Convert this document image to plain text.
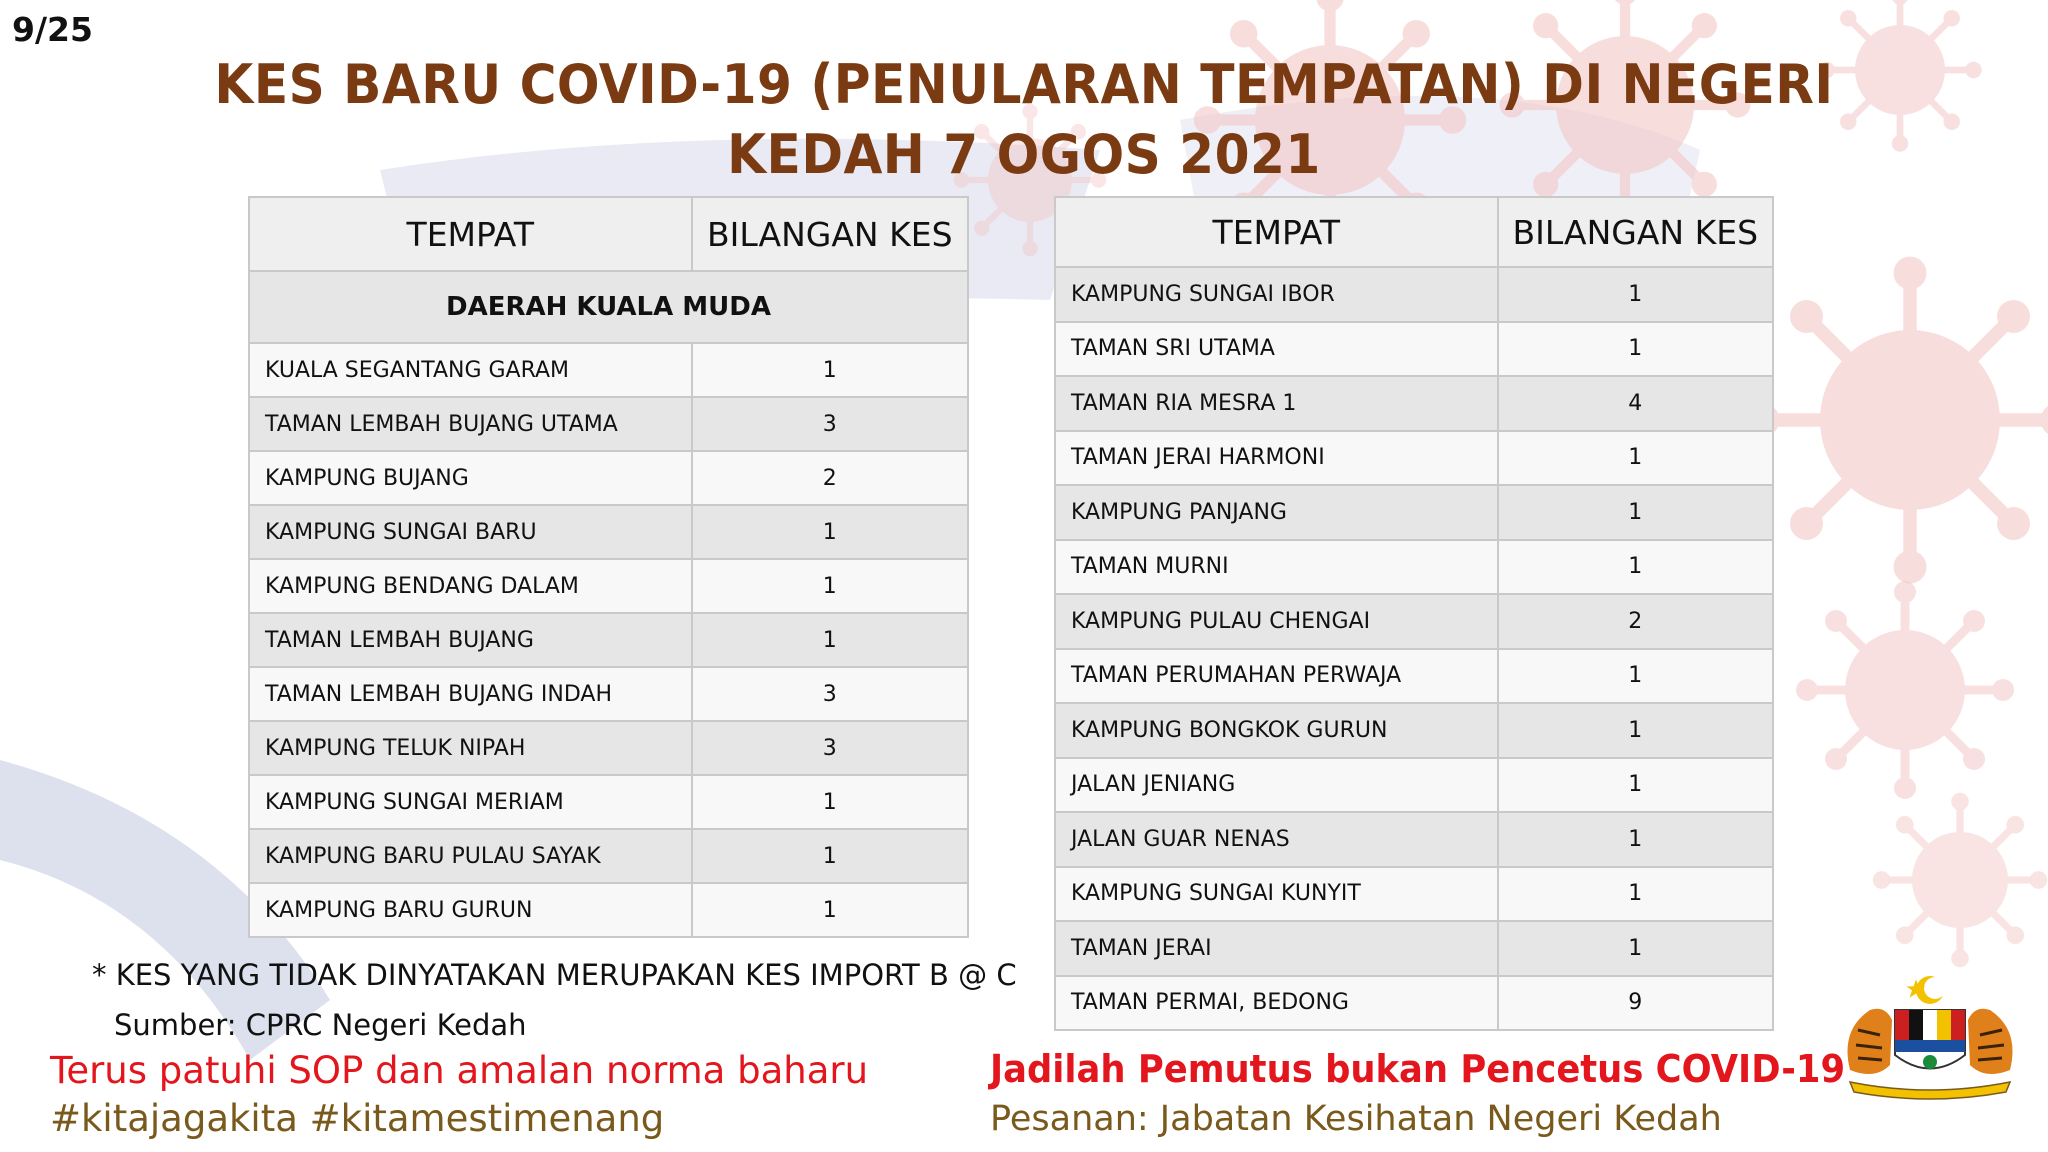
9/25
KES BARU COVID-19 (PENULARAN TEMPATAN) DI NEGERI
KEDAH 7 OGOS 2021
TEMPAT	BILANGAN KES
DAERAH KUALA MUDA	
KUALA SEGANTANG GARAM	1
TAMAN LEMBAH BUJANG UTAMA	3
KAMPUNG BUJANG	2
KAMPUNG SUNGAI BARU	1
KAMPUNG BENDANG DALAM	1
TAMAN LEMBAH BUJANG	1
TAMAN LEMBAH BUJANG INDAH	3
KAMPUNG TELUK NIPAH	3
KAMPUNG SUNGAI MERIAM	1
KAMPUNG BARU PULAU SAYAK	1
KAMPUNG BARU GURUN	1
TEMPAT	BILANGAN KES
KAMPUNG SUNGAI IBOR	1
TAMAN SRI UTAMA	1
TAMAN RIA MESRA 1	4
TAMAN JERAI HARMONI	1
KAMPUNG PANJANG	1
TAMAN MURNI	1
KAMPUNG PULAU CHENGAI	2
TAMAN PERUMAHAN PERWAJA	1
KAMPUNG BONGKOK GURUN	1
JALAN JENIANG	1
JALAN GUAR NENAS	1
KAMPUNG SUNGAI KUNYIT	1
TAMAN JERAI	1
TAMAN PERMAI, BEDONG	9
* KES YANG TIDAK DINYATAKAN MERUPAKAN KES IMPORT B @ C
Sumber: CPRC Negeri Kedah
Terus patuhi SOP dan amalan norma baharu
#kitajagakita #kitamestimenang
Jadilah Pemutus bukan Pencetus COVID-19
Pesanan: Jabatan Kesihatan Negeri Kedah
